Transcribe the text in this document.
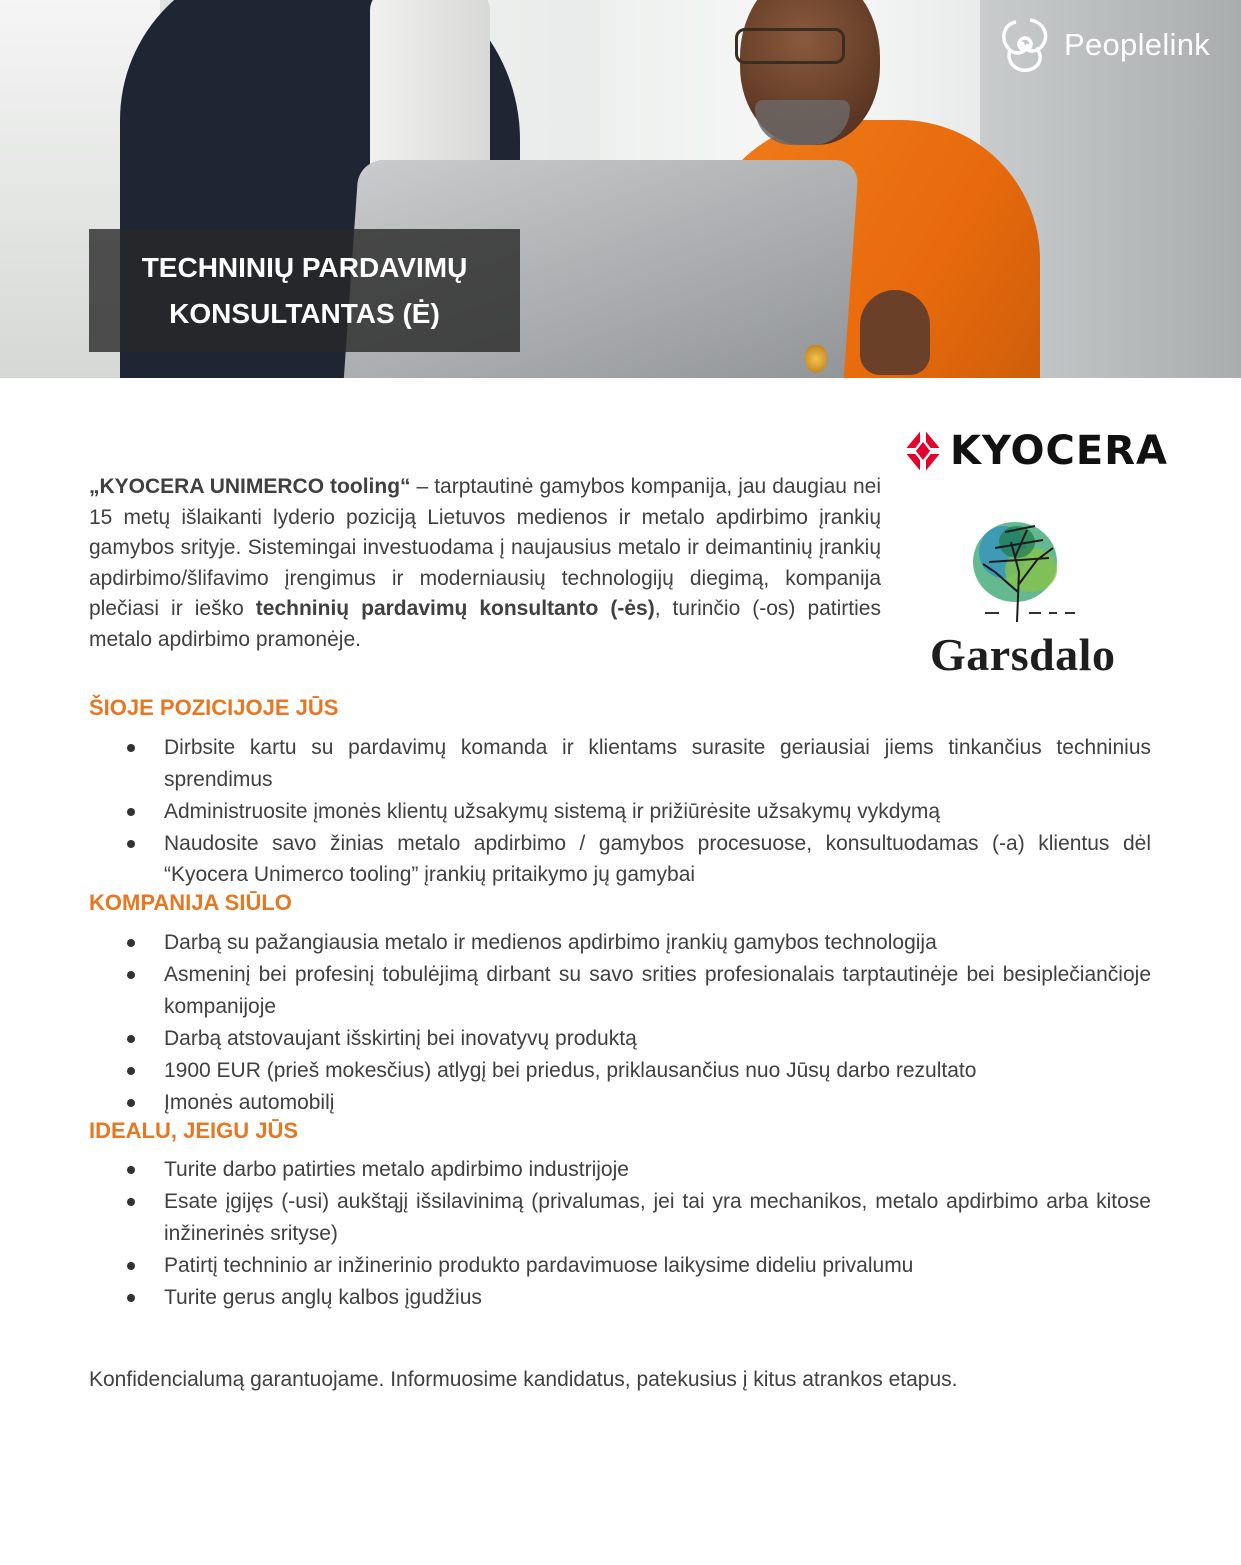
TECHNINIŲ PARDAVIMŲ
KONSULTANTAS (Ė)
Peoplelink
KYOCERA
Garsdalo

„KYOCERA UNIMERCO tooling“ – tarptautinė gamybos kompanija, jau daugiau nei 15 metų išlaikanti lyderio poziciją Lietuvos medienos ir metalo apdirbimo įrankių gamybos srityje. Sistemingai investuodama į naujausius metalo ir deimantinių įrankių apdirbimo/šlifavimo įrengimus ir moderniausių technologijų diegimą, kompanija plečiasi ir ieško techninių pardavimų konsultanto (-ės), turinčio (-os) patirties metalo apdirbimo pramonėje.

ŠIOJE POZICIJOJE JŪS
Dirbsite kartu su pardavimų komanda ir klientams surasite geriausiai jiems tinkančius techninius sprendimus
Administruosite įmonės klientų užsakymų sistemą ir prižiūrėsite užsakymų vykdymą
Naudosite savo žinias metalo apdirbimo / gamybos procesuose, konsultuodamas (-a) klientus dėl “Kyocera Unimerco tooling” įrankių pritaikymo jų gamybai
KOMPANIJA SIŪLO
Darbą su pažangiausia metalo ir medienos apdirbimo įrankių gamybos technologija
Asmeninį bei profesinį tobulėjimą dirbant su savo srities profesionalais tarptautinėje bei besiplečiančioje kompanijoje
Darbą atstovaujant išskirtinį bei inovatyvų produktą
1900 EUR (prieš mokesčius) atlygį bei priedus, priklausančius nuo Jūsų darbo rezultato
Įmonės automobilį
IDEALU, JEIGU JŪS
Turite darbo patirties metalo apdirbimo industrijoje
Esate įgijęs (-usi) aukštąjį išsilavinimą (privalumas, jei tai yra mechanikos, metalo apdirbimo arba kitose inžinerinės srityse)
Patirtį techninio ar inžinerinio produkto pardavimuose laikysime dideliu privalumu
Turite gerus anglų kalbos įgudžius

Konfidencialumą garantuojame. Informuosime kandidatus, patekusius į kitus atrankos etapus.
